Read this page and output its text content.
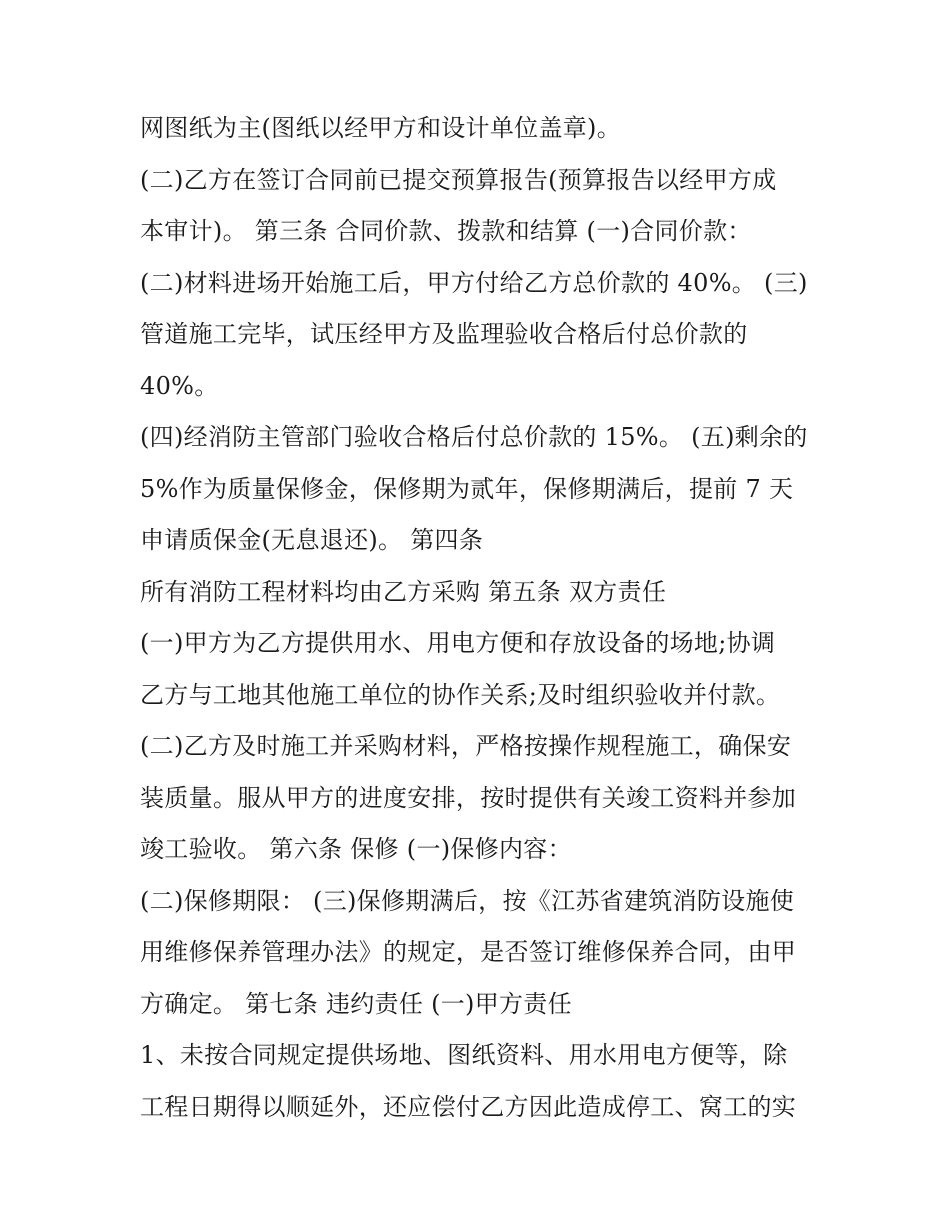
网图纸为主(图纸以经甲方和设计单位盖章)。
(二)乙方在签订合同前已提交预算报告(预算报告以经甲方成
本审计)。 第三条 合同价款、拨款和结算 (一)合同价款：
(二)材料进场开始施工后，甲方付给乙方总价款的 40%。 (三)
管道施工完毕，试压经甲方及监理验收合格后付总价款的
40%。
(四)经消防主管部门验收合格后付总价款的 15%。 (五)剩余的
5%作为质量保修金，保修期为贰年，保修期满后，提前 7 天
申请质保金(无息退还)。 第四条
所有消防工程材料均由乙方采购 第五条 双方责任
(一)甲方为乙方提供用水、用电方便和存放设备的场地;协调
乙方与工地其他施工单位的协作关系;及时组织验收并付款。
(二)乙方及时施工并采购材料，严格按操作规程施工，确保安
装质量。服从甲方的进度安排，按时提供有关竣工资料并参加
竣工验收。 第六条 保修 (一)保修内容：
(二)保修期限： (三)保修期满后，按《江苏省建筑消防设施使
用维修保养管理办法》的规定，是否签订维修保养合同，由甲
方确定。 第七条 违约责任 (一)甲方责任
1、未按合同规定提供场地、图纸资料、用水用电方便等，除
工程日期得以顺延外，还应偿付乙方因此造成停工、窝工的实
